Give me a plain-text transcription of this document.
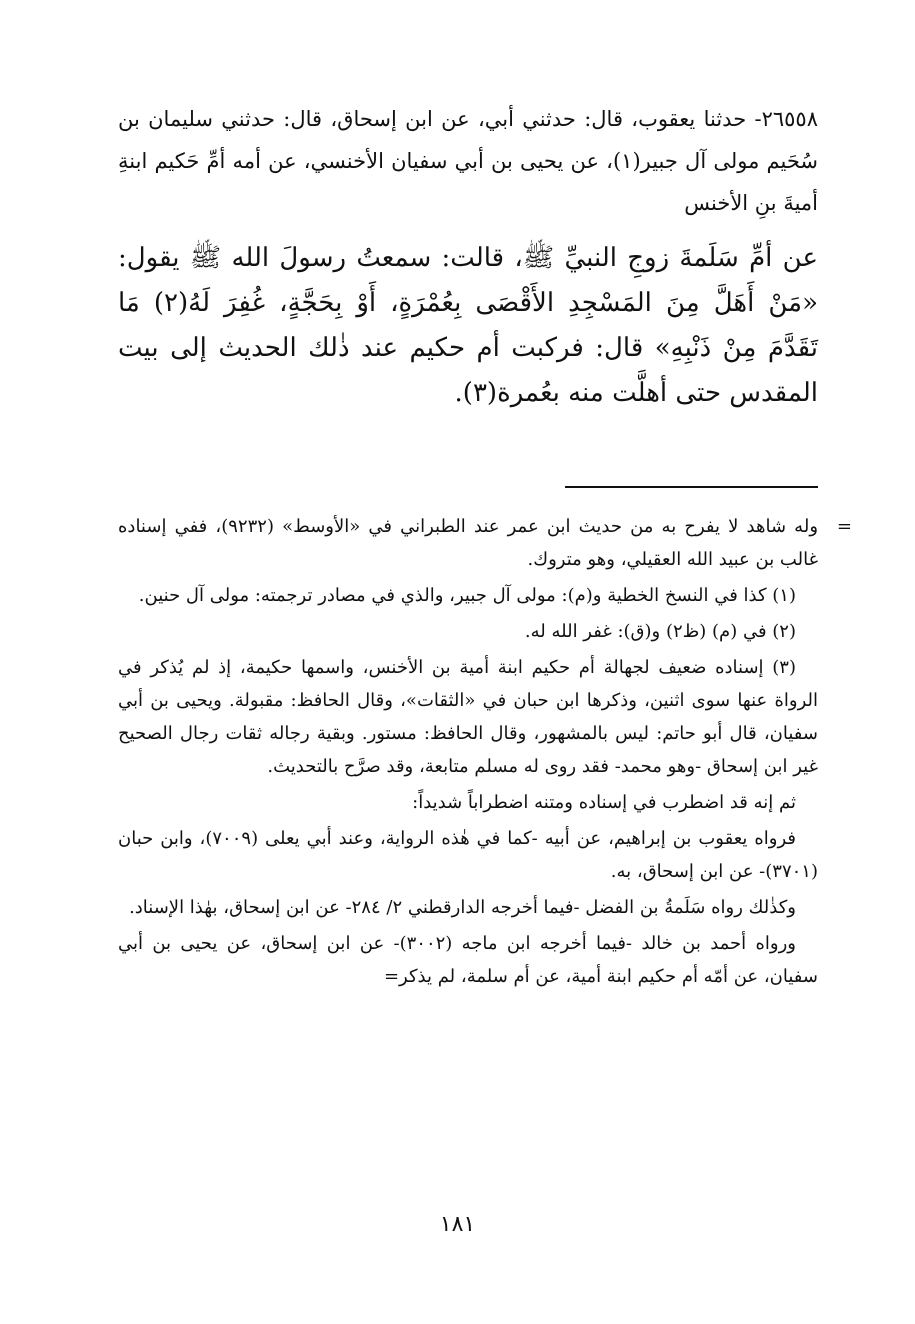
٢٦٥٥٨- حدثنا يعقوب، قال: حدثني أبي، عن ابن إسحاق، قال: حدثني سليمان بن سُحَيم مولى آل جبير(١)، عن يحيى بن أبي سفيان الأخنسي، عن أمه أمِّ حَكيم ابنةِ أميةَ بنِ الأخنس

عن أمِّ سَلَمةَ زوجِ النبيِّ ﷺ، قالت: سمعتُ رسولَ الله ﷺ يقول: «مَنْ أَهَلَّ مِنَ المَسْجِدِ الأَقْصَى بِعُمْرَةٍ، أَوْ بِحَجَّةٍ، غُفِرَ لَهُ(٢) مَا تَقَدَّمَ مِنْ ذَنْبِهِ» قال: فركبت أم حكيم عند ذٰلك الحديث إلى بيت المقدس حتى أهلَّت منه بعُمرة(٣).

=
وله شاهد لا يفرح به من حديث ابن عمر عند الطبراني في «الأوسط» (٩٢٣٢)، ففي إسناده غالب بن عبيد الله العقيلي، وهو متروك.

(١) كذا في النسخ الخطية و(م): مولى آل جبير، والذي في مصادر ترجمته: مولى آل حنين.

(٢) في (م) (ظ٢) و(ق): غفر الله له.

(٣) إسناده ضعيف لجهالة أم حكيم ابنة أمية بن الأخنس، واسمها حكيمة، إذ لم يُذكر في الرواة عنها سوى اثنين، وذكرها ابن حبان في «الثقات»، وقال الحافظ: مقبولة. ويحيى بن أبي سفيان، قال أبو حاتم: ليس بالمشهور، وقال الحافظ: مستور. وبقية رجاله ثقات رجال الصحيح غير ابن إسحاق -وهو محمد- فقد روى له مسلم متابعة، وقد صرَّح بالتحديث.

ثم إنه قد اضطرب في إسناده ومتنه اضطراباً شديداً:

فرواه يعقوب بن إبراهيم، عن أبيه -كما في هٰذه الرواية، وعند أبي يعلى (٧٠٠٩)، وابن حبان (٣٧٠١)- عن ابن إسحاق، به.

وكذٰلك رواه سَلَمةُ بن الفضل -فيما أخرجه الدارقطني ٢/ ٢٨٤- عن ابن إسحاق، بهٰذا الإسناد.

ورواه أحمد بن خالد -فيما أخرجه ابن ماجه (٣٠٠٢)- عن ابن إسحاق، عن يحيى بن أبي سفيان، عن أمّه أم حكيم ابنة أمية، عن أم سلمة، لم يذكر=

١٨١
